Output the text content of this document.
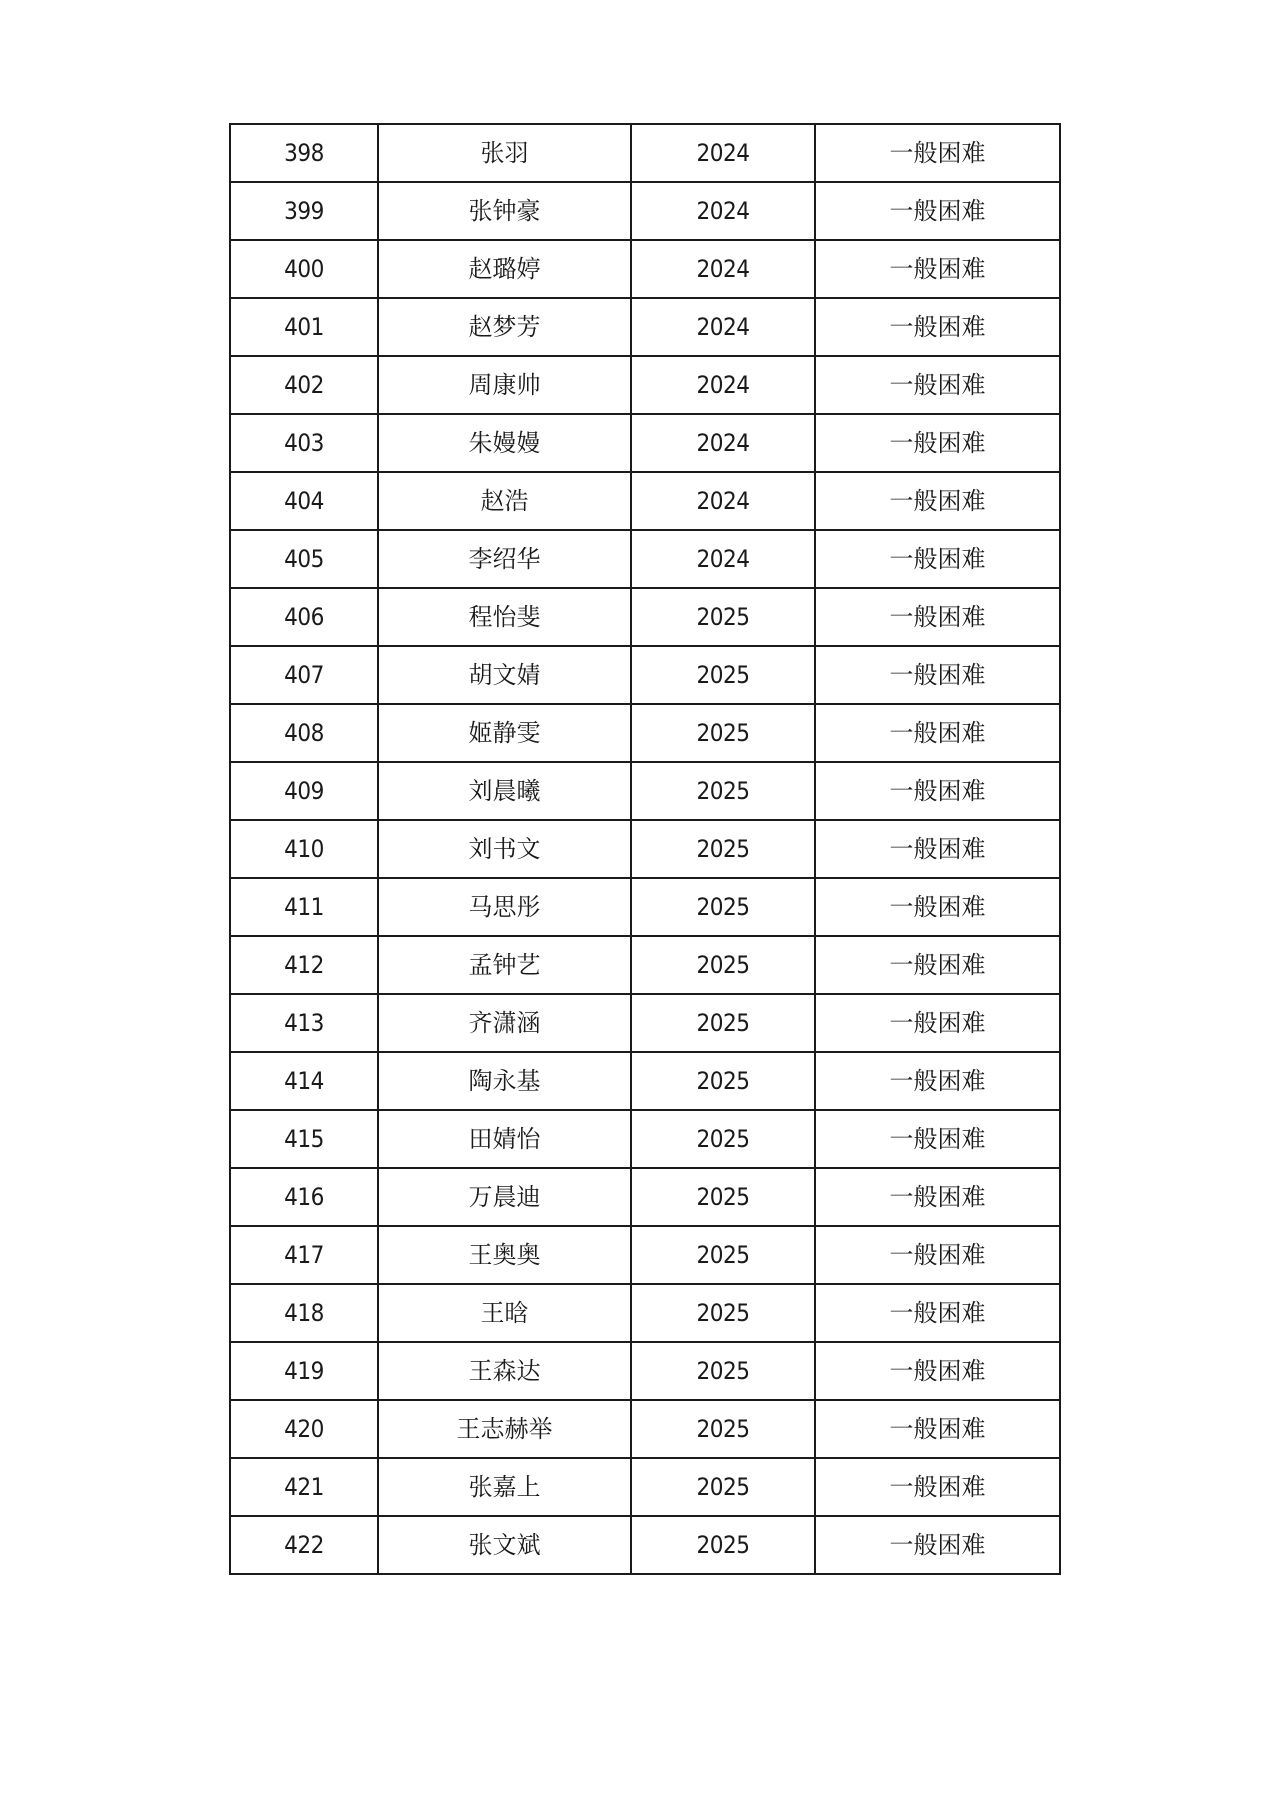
398	张羽	2024	一般困难
399	张钟豪	2024	一般困难
400	赵璐婷	2024	一般困难
401	赵梦芳	2024	一般困难
402	周康帅	2024	一般困难
403	朱嫚嫚	2024	一般困难
404	赵浩	2024	一般困难
405	李绍华	2024	一般困难
406	程怡斐	2025	一般困难
407	胡文婧	2025	一般困难
408	姬静雯	2025	一般困难
409	刘晨曦	2025	一般困难
410	刘书文	2025	一般困难
411	马思彤	2025	一般困难
412	孟钟艺	2025	一般困难
413	齐潇涵	2025	一般困难
414	陶永基	2025	一般困难
415	田婧怡	2025	一般困难
416	万晨迪	2025	一般困难
417	王奥奥	2025	一般困难
418	王晗	2025	一般困难
419	王森达	2025	一般困难
420	王志赫举	2025	一般困难
421	张嘉上	2025	一般困难
422	张文斌	2025	一般困难
